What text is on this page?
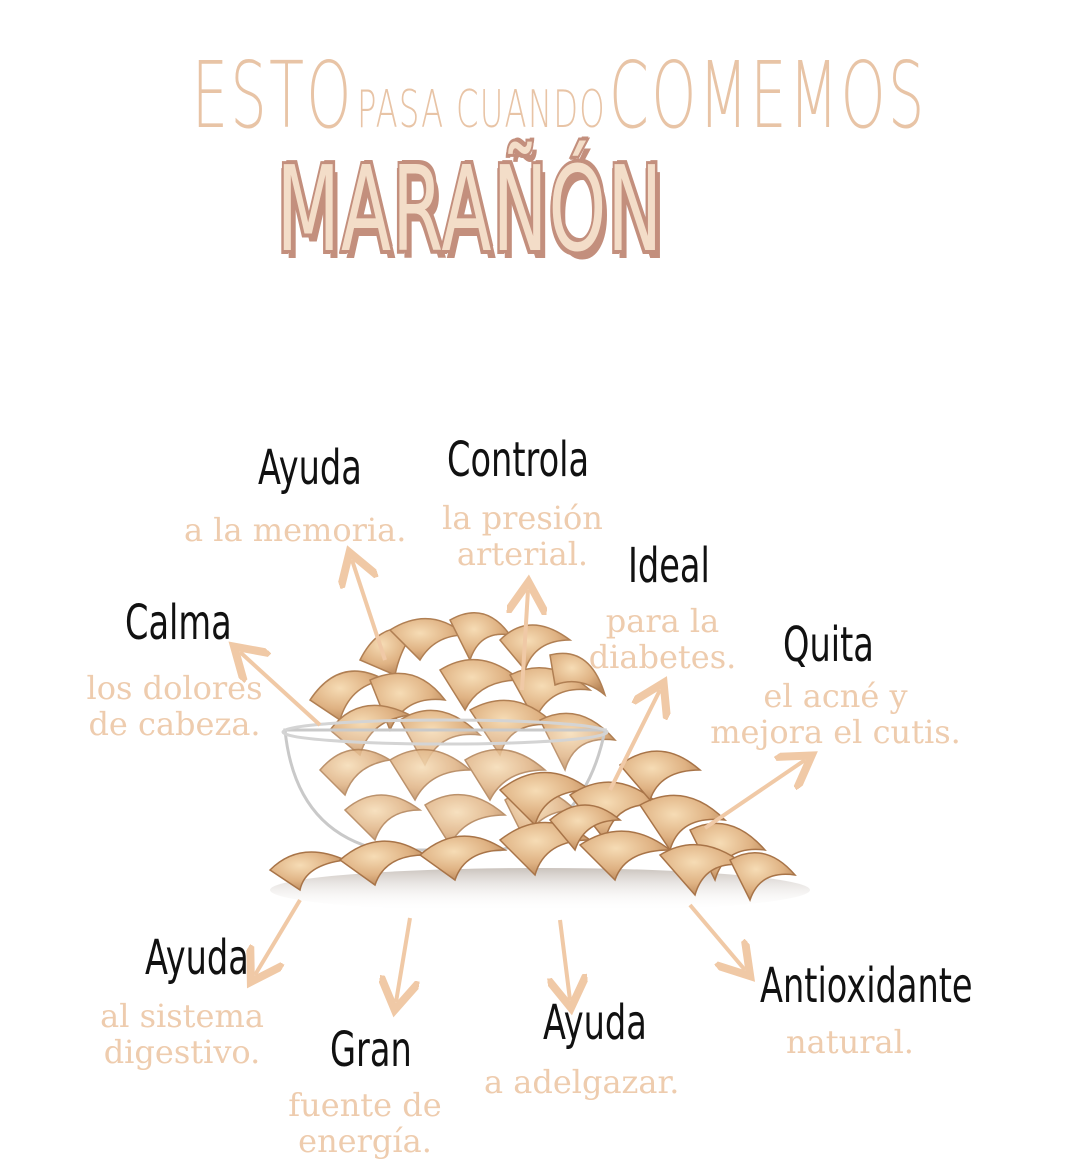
ESTO PASA CUANDO COMEMOS
MARAÑÓN
Ayuda
a la memoria.
Controla
la presión
arterial. Ideal
para la
diabetes.
Calma
los dolores
de cabeza.
Quita
el acné y
mejora el cutis.
Ayuda
al sistema
digestivo. Gran
fuente de
energía.
Ayuda
a adelgazar.
Antioxidante
natural.
